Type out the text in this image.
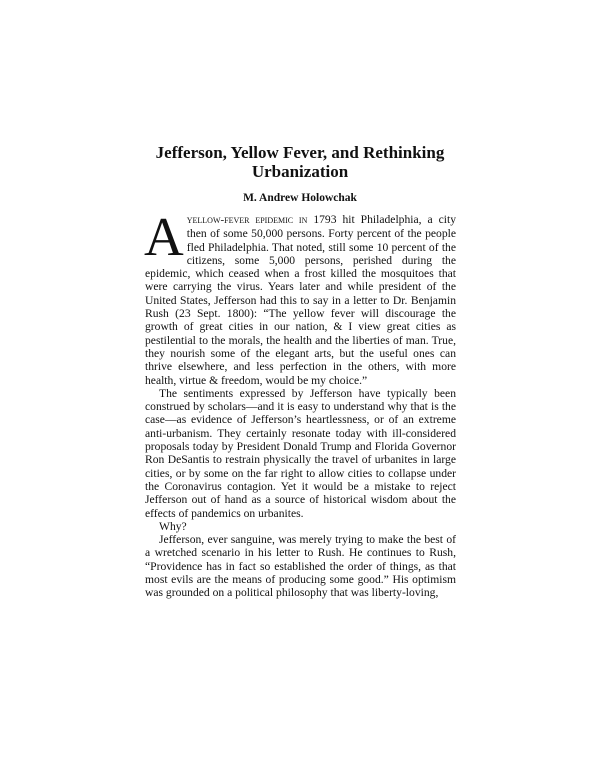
Jefferson, Yellow Fever, and Rethinking Urbanization
M. Andrew Holowchak

Ayellow-fever epidemic in 1793 hit Philadelphia, a city then of some 50,000 persons. Forty percent of the people fled Philadelphia. That noted, still some 10 percent of the citizens, some 5,000 persons, perished during the epidemic, which ceased when a frost killed the mosquitoes that were carrying the virus. Years later and while president of the United States, Jefferson had this to say in a letter to Dr. Benjamin Rush (23 Sept. 1800): “The yellow fever will discourage the growth of great cities in our nation, & I view great cities as pestilential to the morals, the health and the liberties of man. True, they nourish some of the elegant arts, but the useful ones can thrive elsewhere, and less perfection in the others, with more health, virtue & freedom, would be my choice.”

The sentiments expressed by Jefferson have typically been construed by scholars—and it is easy to understand why that is the case—as evidence of Jefferson’s heartlessness, or of an extreme anti-urbanism. They certainly resonate today with ill-considered proposals today by President Donald Trump and Florida Governor Ron DeSantis to restrain physically the travel of urbanites in large cities, or by some on the far right to allow cities to collapse under the Coronavirus contagion. Yet it would be a mistake to reject Jefferson out of hand as a source of historical wisdom about the effects of pandemics on urbanites.

Why?

Jefferson, ever sanguine, was merely trying to make the best of a wretched scenario in his letter to Rush. He continues to Rush, “Providence has in fact so established the order of things, as that most evils are the means of producing some good.” His optimism was grounded on a political philosophy that was liberty-loving,
